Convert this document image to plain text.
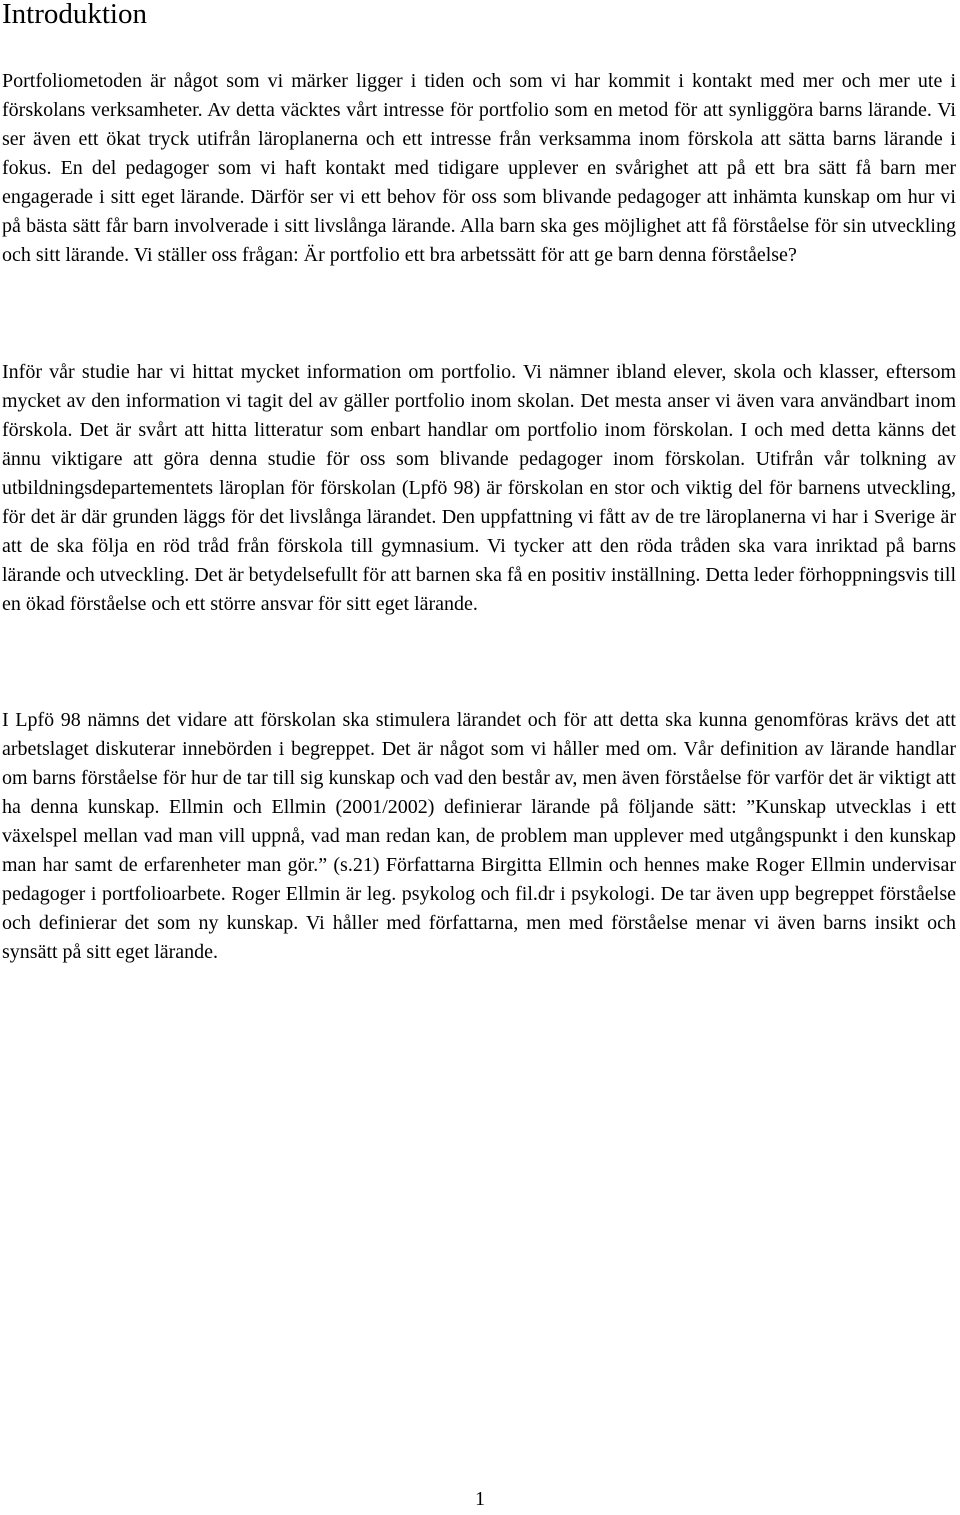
Introduktion

Portfoliometoden är något som vi märker ligger i tiden och som vi har kommit i kontakt med mer och mer ute i förskolans verksamheter. Av detta väcktes vårt intresse för portfolio som en metod för att synliggöra barns lärande. Vi ser även ett ökat tryck utifrån läroplanerna och ett intresse från verksamma inom förskola att sätta barns lärande i fokus. En del pedagoger som vi haft kontakt med tidigare upplever en svårighet att på ett bra sätt få barn mer engagerade i sitt eget lärande. Därför ser vi ett behov för oss som blivande pedagoger att inhämta kunskap om hur vi på bästa sätt får barn involverade i sitt livslånga lärande. Alla barn ska ges möjlighet att få förståelse för sin utveckling och sitt lärande. Vi ställer oss frågan: Är portfolio ett bra arbetssätt för att ge barn denna förståelse?

Inför vår studie har vi hittat mycket information om portfolio. Vi nämner ibland elever, skola och klasser, eftersom mycket av den information vi tagit del av gäller portfolio inom skolan. Det mesta anser vi även vara användbart inom förskola. Det är svårt att hitta litteratur som enbart handlar om portfolio inom förskolan. I och med detta känns det ännu viktigare att göra denna studie för oss som blivande pedagoger inom förskolan. Utifrån vår tolkning av utbildningsdepartementets läroplan för förskolan (Lpfö 98) är förskolan en stor och viktig del för barnens utveckling, för det är där grunden läggs för det livslånga lärandet. Den uppfattning vi fått av de tre läroplanerna vi har i Sverige är att de ska följa en röd tråd från förskola till gymnasium. Vi tycker att den röda tråden ska vara inriktad på barns lärande och utveckling. Det är betydelsefullt för att barnen ska få en positiv inställning. Detta leder förhoppningsvis till en ökad förståelse och ett större ansvar för sitt eget lärande.

I Lpfö 98 nämns det vidare att förskolan ska stimulera lärandet och för att detta ska kunna genomföras krävs det att arbetslaget diskuterar innebörden i begreppet. Det är något som vi håller med om. Vår definition av lärande handlar om barns förståelse för hur de tar till sig kunskap och vad den består av, men även förståelse för varför det är viktigt att ha denna kunskap. Ellmin och Ellmin (2001/2002) definierar lärande på följande sätt: ”Kunskap utvecklas i ett växelspel mellan vad man vill uppnå, vad man redan kan, de problem man upplever med utgångspunkt i den kunskap man har samt de erfarenheter man gör.” (s.21) Författarna Birgitta Ellmin och hennes make Roger Ellmin undervisar pedagoger i portfolioarbete. Roger Ellmin är leg. psykolog och fil.dr i psykologi. De tar även upp begreppet förståelse och definierar det som ny kunskap. Vi håller med författarna, men med förståelse menar vi även barns insikt och synsätt på sitt eget lärande.

1
